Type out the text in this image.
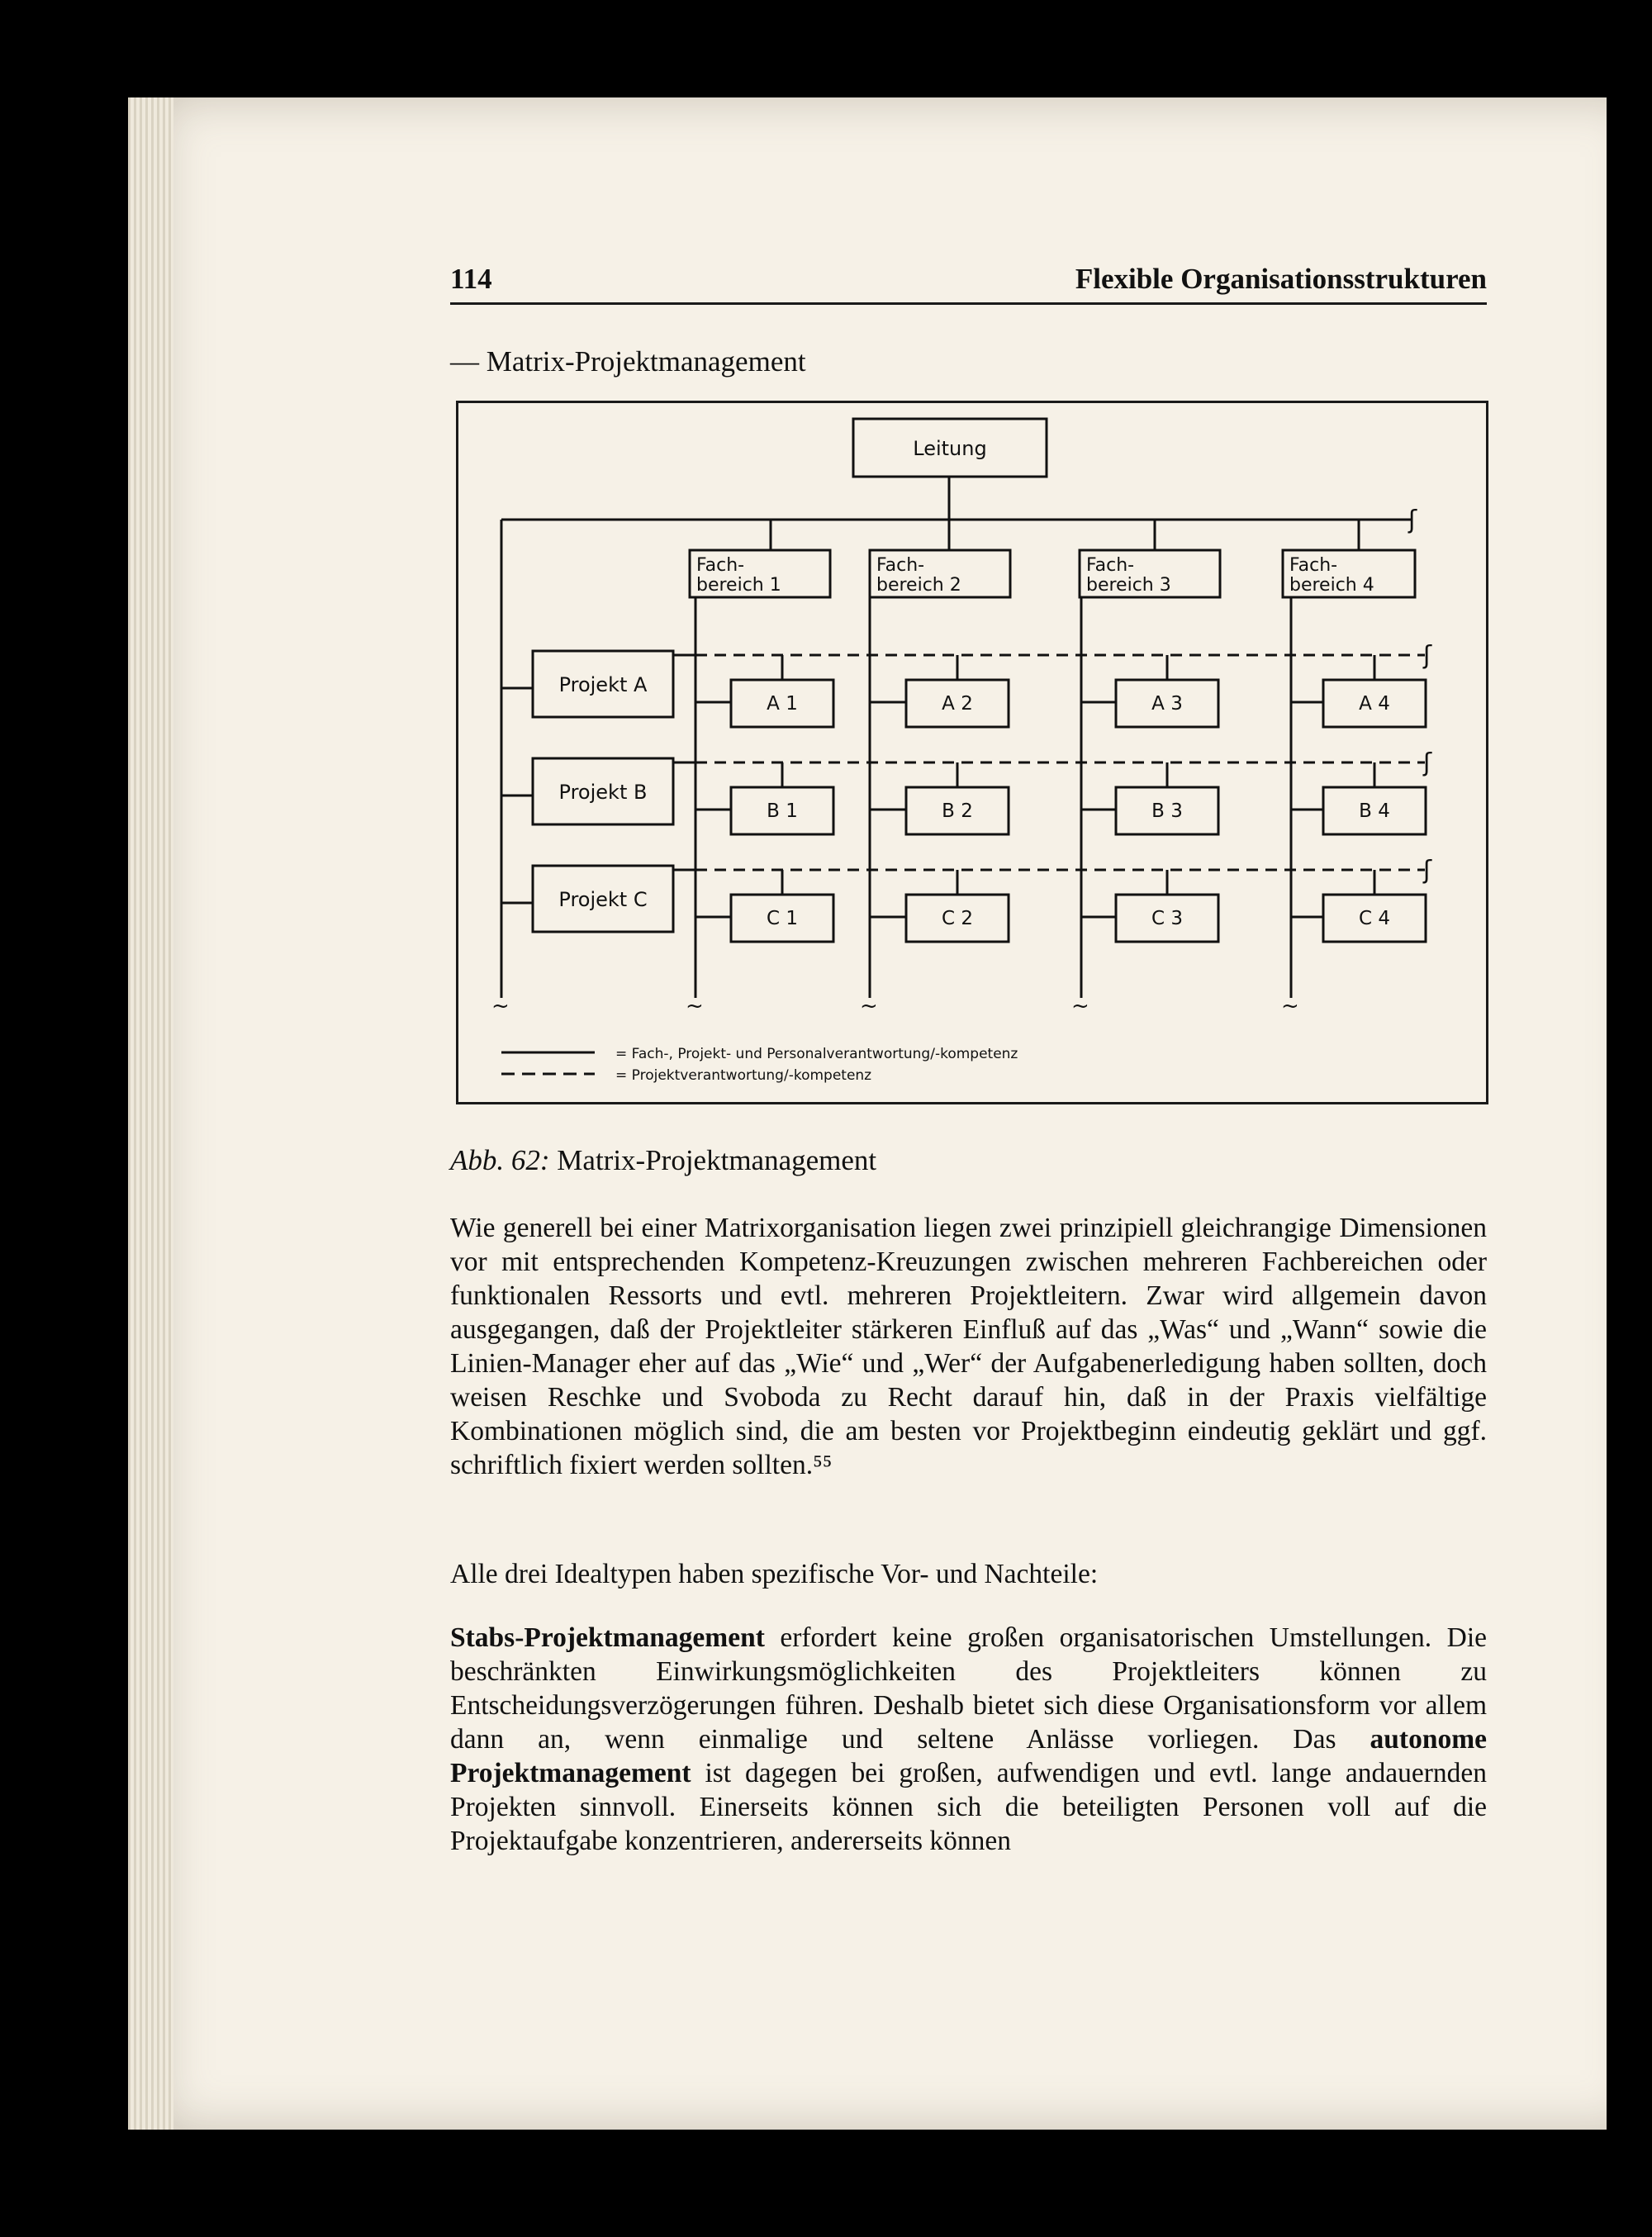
114	Flexible Organisationsstrukturen
— Matrix-Projektmanagement
~	~	~	~	~
ʃ
ʃ
ʃ
ʃ
Leitung
Fach-
bereich 1
Fach-
bereich 2
Fach-
bereich 3
Fach-
bereich 4
Projekt A
Projekt B
Projekt C
A 1	A 2	A 3	A 4
B 1	B 2	B 3	B 4
C 1	C 2	C 3	C 4
= Fach-, Projekt- und Personalverantwortung/-kompetenz
= Projektverantwortung/-kompetenz
Abb. 62: Matrix-Projektmanagement

Wie generell bei einer Matrixorganisation liegen zwei prinzipiell gleichrangige Dimensionen vor mit entsprechenden Kompetenz-Kreuzungen zwischen mehreren Fachbereichen oder funktionalen Ressorts und evtl. mehreren Projektleitern. Zwar wird allgemein davon ausgegangen, daß der Projektleiter stärkeren Einfluß auf das „Was“ und „Wann“ sowie die Linien-Manager eher auf das „Wie“ und „Wer“ der Aufgabenerledigung haben sollten, doch weisen Reschke und Svoboda zu Recht darauf hin, daß in der Praxis vielfältige Kombinationen möglich sind, die am besten vor Projektbeginn eindeutig geklärt und ggf. schriftlich fixiert werden sollten.⁵⁵

Alle drei Idealtypen haben spezifische Vor- und Nachteile:

Stabs-Projektmanagement erfordert keine großen organisatorischen Umstellungen. Die beschränkten Einwirkungsmöglichkeiten des Projektleiters können zu Entscheidungsverzögerungen führen. Deshalb bietet sich diese Organisationsform vor allem dann an, wenn einmalige und seltene Anlässe vorliegen. Das autonome Projektmanagement ist dagegen bei großen, aufwendigen und evtl. lange andauernden Projekten sinnvoll. Einerseits können sich die beteiligten Personen voll auf die Projektaufgabe konzentrieren, andererseits können
